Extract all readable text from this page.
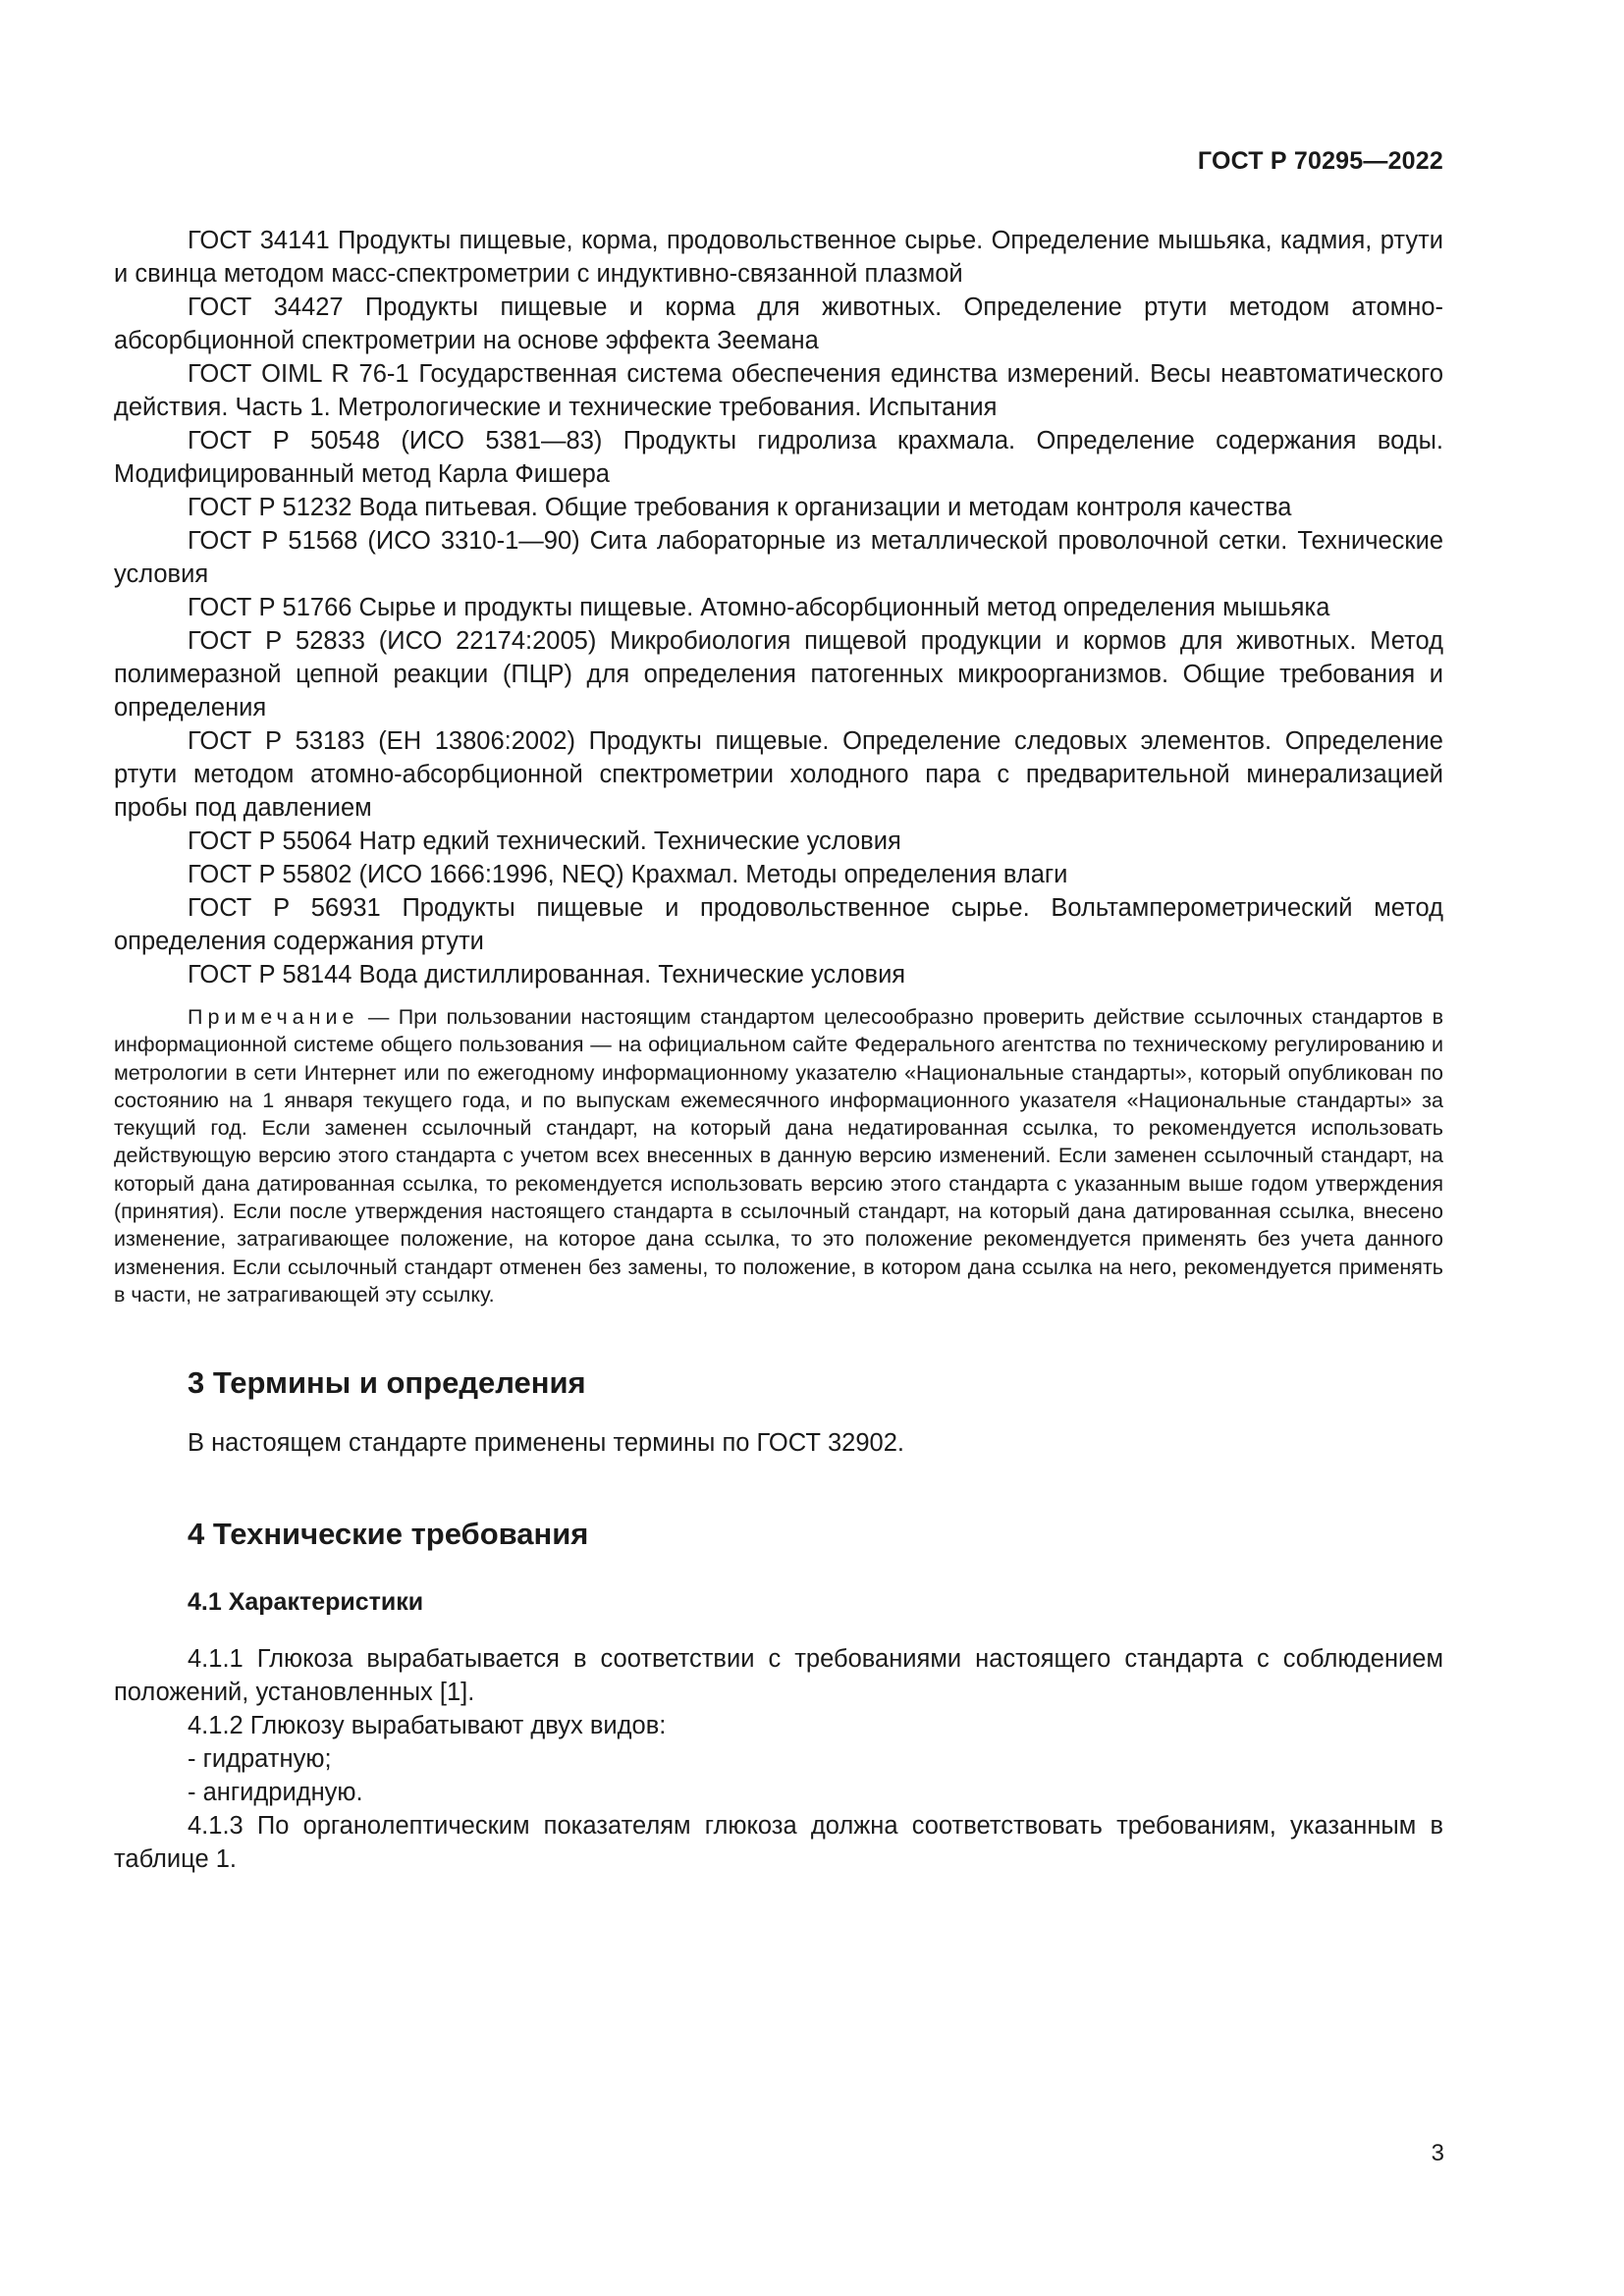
ГОСТ Р 70295—2022

ГОСТ 34141 Продукты пищевые, корма, продовольственное сырье. Определение мышьяка, кадмия, ртути и свинца методом масс-спектрометрии с индуктивно-связанной плазмой

ГОСТ 34427 Продукты пищевые и корма для животных. Определение ртути методом атомно-абсорбционной спектрометрии на основе эффекта Зеемана

ГОСТ OIML R 76-1 Государственная система обеспечения единства измерений. Весы неавтоматического действия. Часть 1. Метрологические и технические требования. Испытания

ГОСТ Р 50548 (ИСО 5381—83) Продукты гидролиза крахмала. Определение содержания воды. Модифицированный метод Карла Фишера

ГОСТ Р 51232 Вода питьевая. Общие требования к организации и методам контроля качества

ГОСТ Р 51568 (ИСО 3310-1—90) Сита лабораторные из металлической проволочной сетки. Технические условия

ГОСТ Р 51766 Сырье и продукты пищевые. Атомно-абсорбционный метод определения мышьяка

ГОСТ Р 52833 (ИСО 22174:2005) Микробиология пищевой продукции и кормов для животных. Метод полимеразной цепной реакции (ПЦР) для определения патогенных микроорганизмов. Общие требования и определения

ГОСТ Р 53183 (ЕН 13806:2002) Продукты пищевые. Определение следовых элементов. Определение ртути методом атомно-абсорбционной спектрометрии холодного пара с предварительной минерализацией пробы под давлением

ГОСТ Р 55064 Натр едкий технический. Технические условия

ГОСТ Р 55802 (ИСО 1666:1996, NEQ) Крахмал. Методы определения влаги

ГОСТ Р 56931 Продукты пищевые и продовольственное сырье. Вольтамперометрический метод определения содержания ртути

ГОСТ Р 58144 Вода дистиллированная. Технические условия

Примечание — При пользовании настоящим стандартом целесообразно проверить действие ссылочных стандартов в информационной системе общего пользования — на официальном сайте Федерального агентства по техническому регулированию и метрологии в сети Интернет или по ежегодному информационному указателю «Национальные стандарты», который опубликован по состоянию на 1 января текущего года, и по выпускам ежемесячного информационного указателя «Национальные стандарты» за текущий год. Если заменен ссылочный стандарт, на который дана недатированная ссылка, то рекомендуется использовать действующую версию этого стандарта с учетом всех внесенных в данную версию изменений. Если заменен ссылочный стандарт, на который дана датированная ссылка, то рекомендуется использовать версию этого стандарта с указанным выше годом утверждения (принятия). Если после утверждения настоящего стандарта в ссылочный стандарт, на который дана датированная ссылка, внесено изменение, затрагивающее положение, на которое дана ссылка, то это положение рекомендуется применять без учета данного изменения. Если ссылочный стандарт отменен без замены, то положение, в котором дана ссылка на него, рекомендуется применять в части, не затрагивающей эту ссылку.

3 Термины и определения

В настоящем стандарте применены термины по ГОСТ 32902.

4 Технические требования
4.1 Характеристики

4.1.1 Глюкоза вырабатывается в соответствии с требованиями настоящего стандарта с соблюдением положений, установленных [1].

4.1.2 Глюкозу вырабатывают двух видов:

- гидратную;

- ангидридную.

4.1.3 По органолептическим показателям глюкоза должна соответствовать требованиям, указанным в таблице 1.

3
